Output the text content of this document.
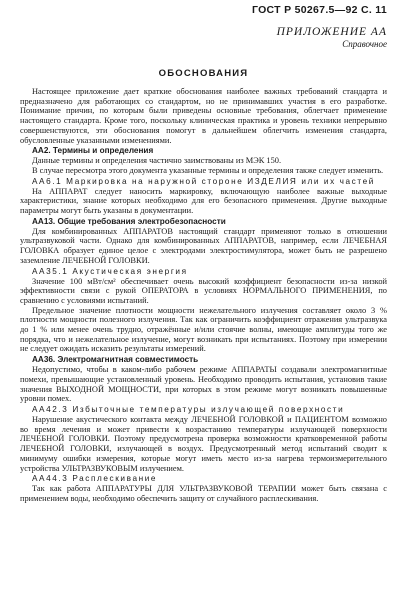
ГОСТ Р 50267.5—92 С. 11
ПРИЛОЖЕНИЕ АА
Справочное
ОБОСНОВАНИЯ

Настоящее приложение дает краткие обоснования наиболее важных требований стандарта и предназначено для работающих со стандартом, но не принимавших участия в его разработке. Понимание причин, по которым были приведены основные требования, облегчает применение настоящего стандарта. Кроме того, поскольку клиническая практика и уровень техники непрерывно совершенствуются, эти обоснования помогут в дальнейшем облегчить изменения стандарта, обусловленные указанными изменениями.

АА2. Термины и определения

Данные термины и определения частично заимствованы из МЭК 150.

В случае пересмотра этого документа указанные термины и определения также следует изменить.

АА6.1 Маркировка на наружной стороне ИЗДЕЛИЯ или их частей

На АППАРАТ следует наносить маркировку, включающую наиболее важные выходные характеристики, знание которых необходимо для его безопасного применения. Другие выходные параметры могут быть указаны в документации.

АА13. Общие требования электробезопасности

Для комбинированных АППАРАТОВ настоящий стандарт применяют только в отношении ультразвуковой части. Однако для комбинированных АППАРАТОВ, например, если ЛЕЧЕБНАЯ ГОЛОВКА образует единое целое с электродами электростимулятора, может быть не разрешено заземление ЛЕЧЕБНОЙ ГОЛОВКИ.

АА35.1 Акустическая энергия

Значение 100 мВт/см² обеспечивает очень высокий коэффициент безопасности из-за низкой эффективности связи с рукой ОПЕРАТОРА в условиях НОРМАЛЬНОГО ПРИМЕНЕНИЯ, по сравнению с условиями испытаний.

Предельное значение плотности мощности нежелательного излучения составляет около 3 % плотности мощности полезного излучения. Так как ограничить коэффициент отражения ультразвука до 1 % или менее очень трудно, отражённые и/или стоячие волны, имеющие амплитуды того же порядка, что и нежелательное излучение, могут возникать при испытаниях. Поэтому при измерении не следует ожидать исказить результаты измерений.

АА36. Электромагнитная совместимость

Недопустимо, чтобы в каком-либо рабочем режиме АППАРАТЫ создавали электромагнитные помехи, превышающие установленный уровень. Необходимо проводить испытания, установив такие значения ВЫХОДНОЙ МОЩНОСТИ, при которых в этом режиме могут возникать повышенные уровни помех.

АА42.3 Избыточные температуры излучающей поверхности

Нарушение акустического контакта между ЛЕЧЕБНОЙ ГОЛОВКОЙ и ПАЦИЕНТОМ возможно во время лечения и может привести к возрастанию температуры излучающей поверхности ЛЕЧЕБНОЙ ГОЛОВКИ. Поэтому предусмотрена проверка возможности кратковременной работы ЛЕЧЕБНОЙ ГОЛОВКИ, излучающей в воздух. Предусмотренный метод испытаний сводит к минимуму ошибки измерения, которые могут иметь место из-за нагрева термоизмерительного устройства УЛЬТРАЗВУКОВЫМ излучением.

АА44.3 Расплескивание

Так как работа АППАРАТУРЫ ДЛЯ УЛЬТРАЗВУКОВОЙ ТЕРАПИИ может быть связана с применением воды, необходимо обеспечить защиту от случайного расплескивания.
